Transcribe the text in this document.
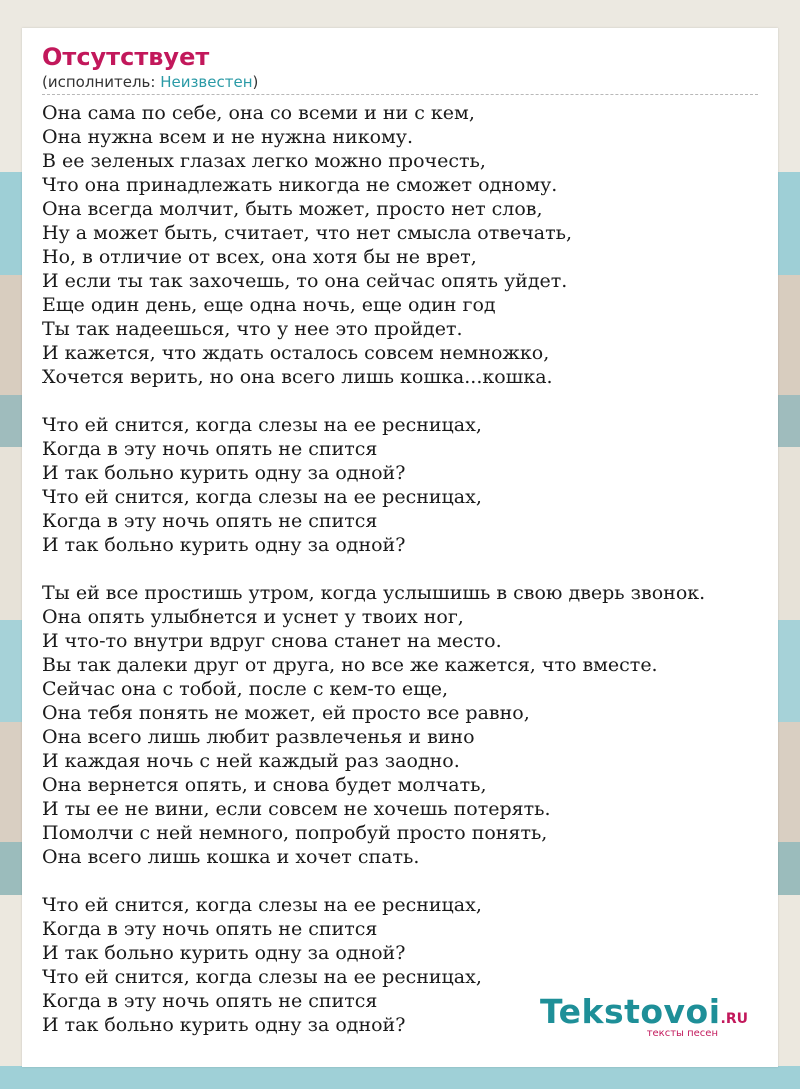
Отсутствует
(исполнитель: Неизвестен)
Она сама по себе, она со всеми и ни с кем,
Она нужна всем и не нужна никому.
В ее зеленых глазах легко можно прочесть,
Что она принадлежать никогда не сможет одному.
Она всегда молчит, быть может, просто нет слов,
Ну а может быть, считает, что нет смысла отвечать,
Но, в отличие от всех, она хотя бы не врет,
И если ты так захочешь, то она сейчас опять уйдет.
Еще один день, еще одна ночь, еще один год
Ты так надеешься, что у нее это пройдет.
И кажется, что ждать осталось совсем немножко,
Хочется верить, но она всего лишь кошка...кошка.
Что ей снится, когда слезы на ее ресницах,
Когда в эту ночь опять не спится
И так больно курить одну за одной?
Что ей снится, когда слезы на ее ресницах,
Когда в эту ночь опять не спится
И так больно курить одну за одной?
Ты ей все простишь утром, когда услышишь в свою дверь звонок.
Она опять улыбнется и уснет у твоих ног,
И что-то внутри вдруг снова станет на место.
Вы так далеки друг от друга, но все же кажется, что вместе.
Сейчас она с тобой, после с кем-то еще,
Она тебя понять не может, ей просто все равно,
Она всего лишь любит развлеченья и вино
И каждая ночь с ней каждый раз заодно.
Она вернется опять, и снова будет молчать,
И ты ее не вини, если совсем не хочешь потерять.
Помолчи с ней немного, попробуй просто понять,
Она всего лишь кошка и хочет спать.
Что ей снится, когда слезы на ее ресницах,
Когда в эту ночь опять не спится
И так больно курить одну за одной?
Что ей снится, когда слезы на ее ресницах,
Когда в эту ночь опять не спится
И так больно курить одну за одной?	Tekstovoi.RU
тексты песен
